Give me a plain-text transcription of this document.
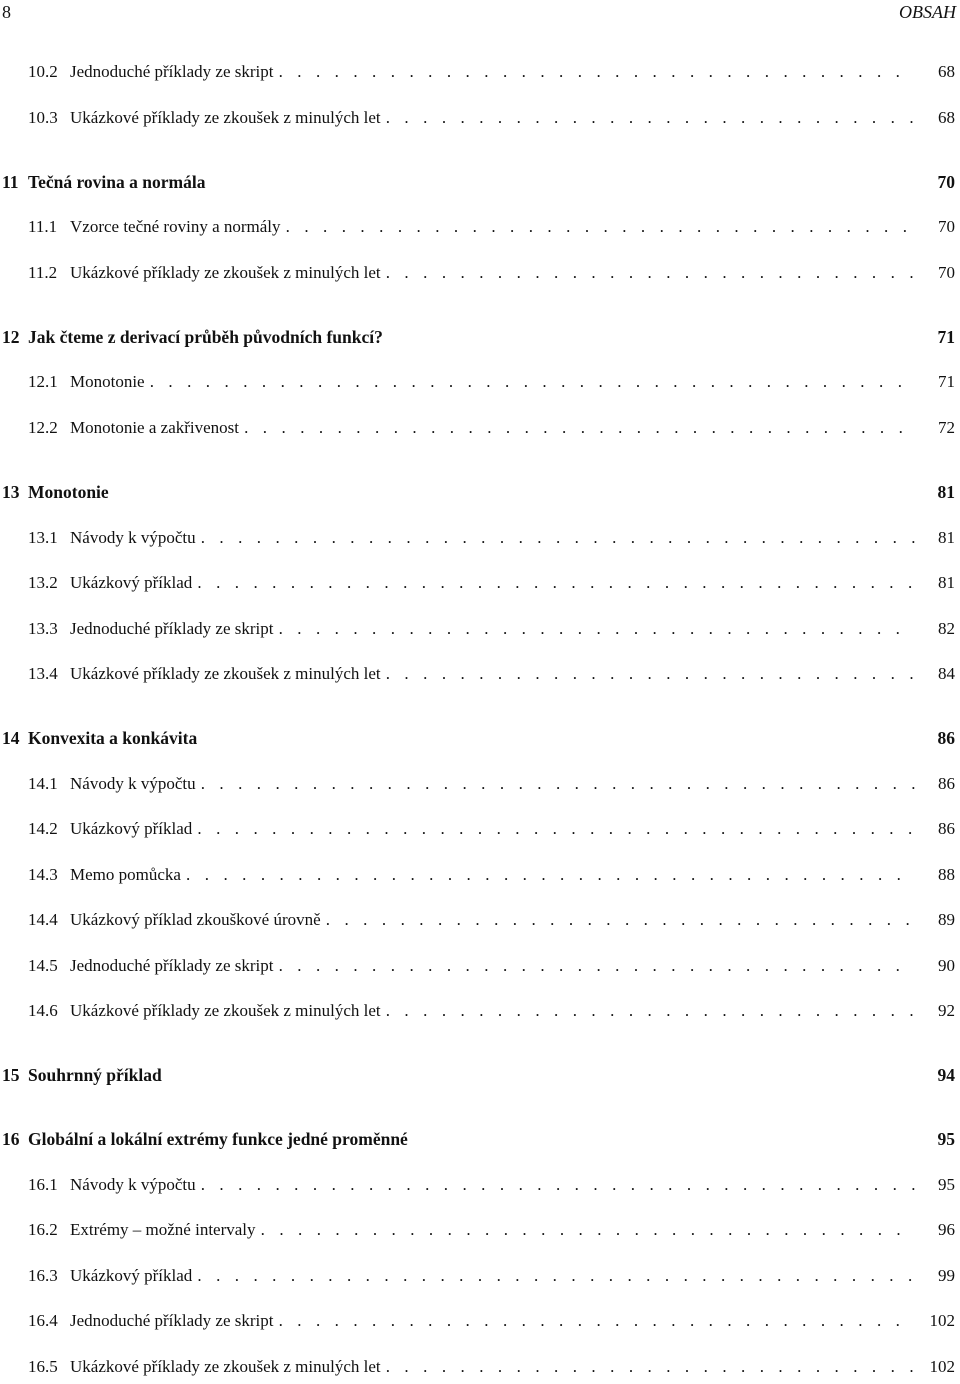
8	OBSAH
10.2 Jednoduché příklady ze skript . . .	68
10.3 Ukázkové příklady ze zkoušek z minulých let . . .	68
11 Tečná rovina a normála	70
11.1 Vzorce tečné roviny a normály . . .	70
11.2 Ukázkové příklady ze zkoušek z minulých let . . .	70
12 Jak čteme z derivací průběh původních funkcí?	71
12.1 Monotonie . . .	71
12.2 Monotonie a zakřivenost . . .	72
13 Monotonie	81
13.1 Návody k výpočtu . . .	81
13.2 Ukázkový příklad . . .	81
13.3 Jednoduché příklady ze skript . . .	82
13.4 Ukázkové příklady ze zkoušek z minulých let . . .	84
14 Konvexita a konkávita	86
14.1 Návody k výpočtu . . .	86
14.2 Ukázkový příklad . . .	86
14.3 Memo pomůcka . . .	88
14.4 Ukázkový příklad zkouškové úrovně . . .	89
14.5 Jednoduché příklady ze skript . . .	90
14.6 Ukázkové příklady ze zkoušek z minulých let . . .	92
15 Souhrnný příklad	94
16 Globální a lokální extrémy funkce jedné proměnné	95
16.1 Návody k výpočtu . . .	95
16.2 Extrémy – možné intervaly . . .	96
16.3 Ukázkový příklad . . .	99
16.4 Jednoduché příklady ze skript . . .	102
16.5 Ukázkové příklady ze zkoušek z minulých let . . .	102
